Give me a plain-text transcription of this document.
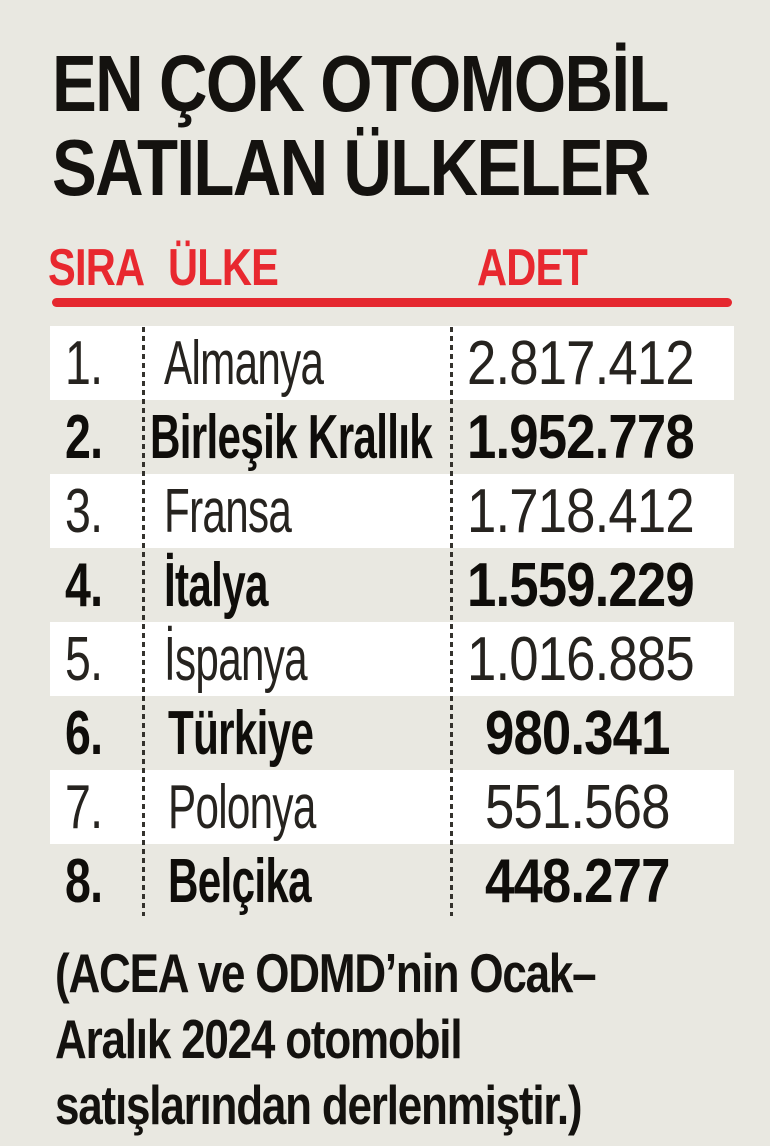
EN ÇOK OTOMOBİL
SATILAN ÜLKELER
SIRA ÜLKE	ADET
1. Almanya	2.817.412
2. Birleşik Krallık 1.952.778
3. Fransa	1.718.412
4. İtalya	1.559.229
5. İspanya	1.016.885
6.	Türkiye	980.341
7.	Polonya	551.568
8.	Belçika	448.277
(ACEA ve ODMD’nin Ocak–
Aralık 2024 otomobil
satışlarından derlenmiştir.)
